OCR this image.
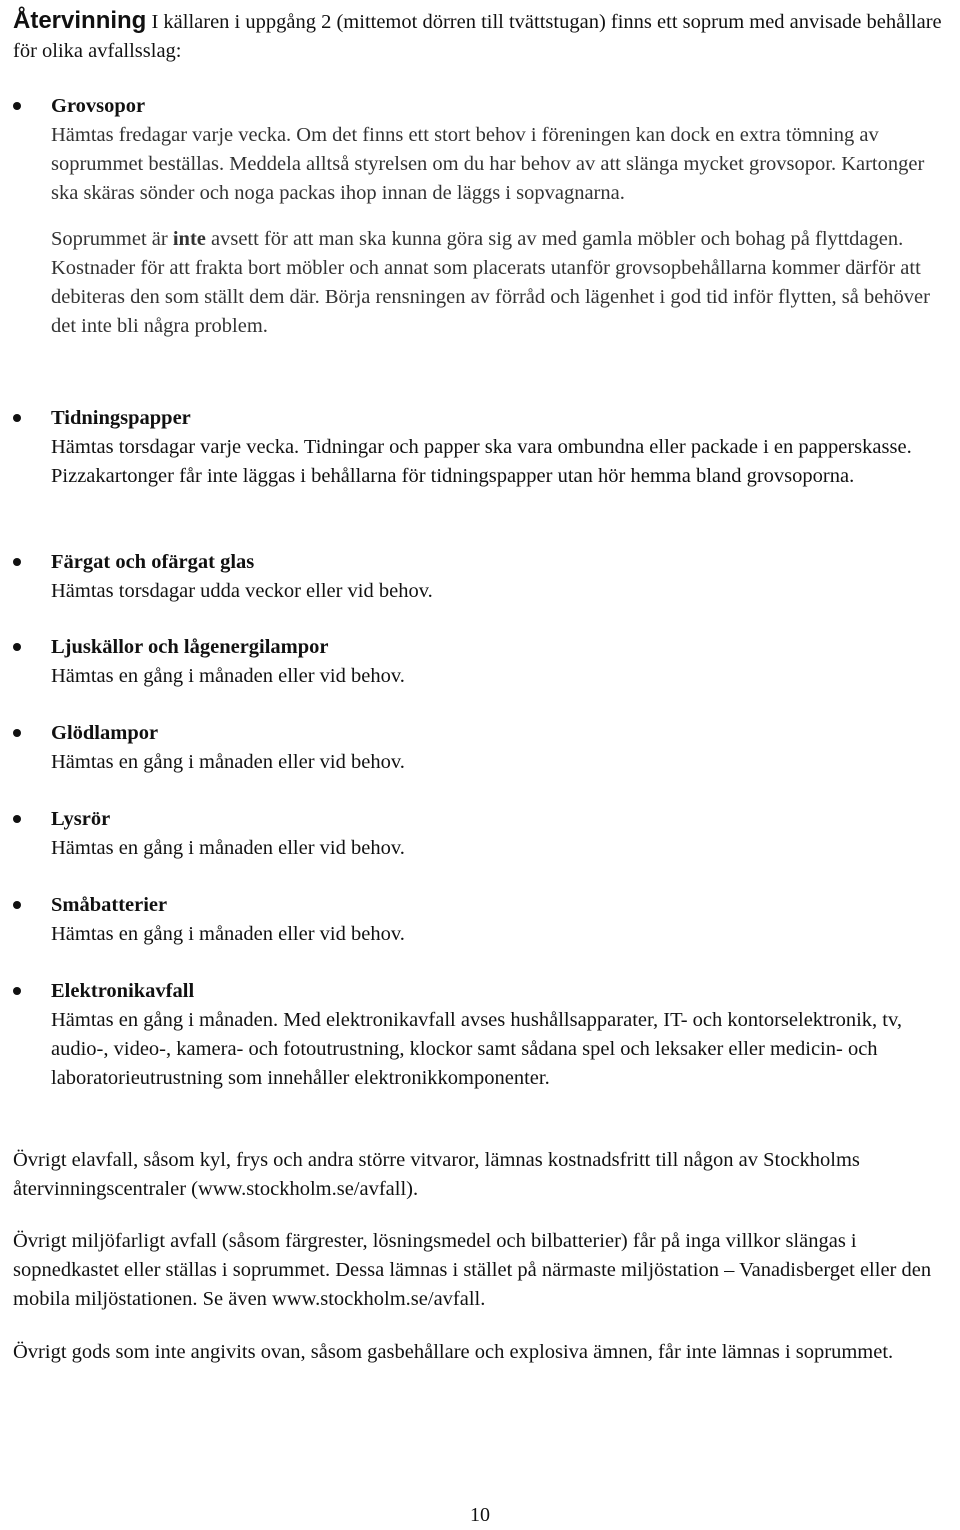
Återvinning I källaren i uppgång 2 (mittemot dörren till tvättstugan) finns ett soprum med anvisade behållare för olika avfallsslag:
Grovsopor
Hämtas fredagar varje vecka. Om det finns ett stort behov i föreningen kan dock en extra tömning av soprummet beställas. Meddela alltså styrelsen om du har behov av att slänga mycket grovsopor. Kartonger ska skäras sönder och noga packas ihop innan de läggs i sopvagnarna.
Soprummet är inte avsett för att man ska kunna göra sig av med gamla möbler och bohag på flyttdagen. Kostnader för att frakta bort möbler och annat som placerats utanför grovsopbehållarna kommer därför att debiteras den som ställt dem där. Börja rensningen av förråd och lägenhet i god tid inför flytten, så behöver det inte bli några problem.
Tidningspapper
Hämtas torsdagar varje vecka. Tidningar och papper ska vara ombundna eller packade i en papperskasse. Pizzakartonger får inte läggas i behållarna för tidningspapper utan hör hemma bland grovsoporna.
Färgat och ofärgat glas
Hämtas torsdagar udda veckor eller vid behov.
Ljuskällor och lågenergilampor
Hämtas en gång i månaden eller vid behov.
Glödlampor
Hämtas en gång i månaden eller vid behov.
Lysrör
Hämtas en gång i månaden eller vid behov.
Småbatterier
Hämtas en gång i månaden eller vid behov.
Elektronikavfall
Hämtas en gång i månaden. Med elektronikavfall avses hushållsapparater, IT- och kontorselektronik, tv, audio-, video-, kamera- och fotoutrustning, klockor samt sådana spel och leksaker eller medicin- och laboratorieutrustning som innehåller elektronikkomponenter.
Övrigt elavfall, såsom kyl, frys och andra större vitvaror, lämnas kostnadsfritt till någon av Stockholms återvinningscentraler (www.stockholm.se/avfall).
Övrigt miljöfarligt avfall (såsom färgrester, lösningsmedel och bilbatterier) får på inga villkor slängas i sopnedkastet eller ställas i soprummet. Dessa lämnas i stället på närmaste miljöstation – Vanadisberget eller den mobila miljöstationen. Se även www.stockholm.se/avfall.
Övrigt gods som inte angivits ovan, såsom gasbehållare och explosiva ämnen, får inte lämnas i soprummet.
10
